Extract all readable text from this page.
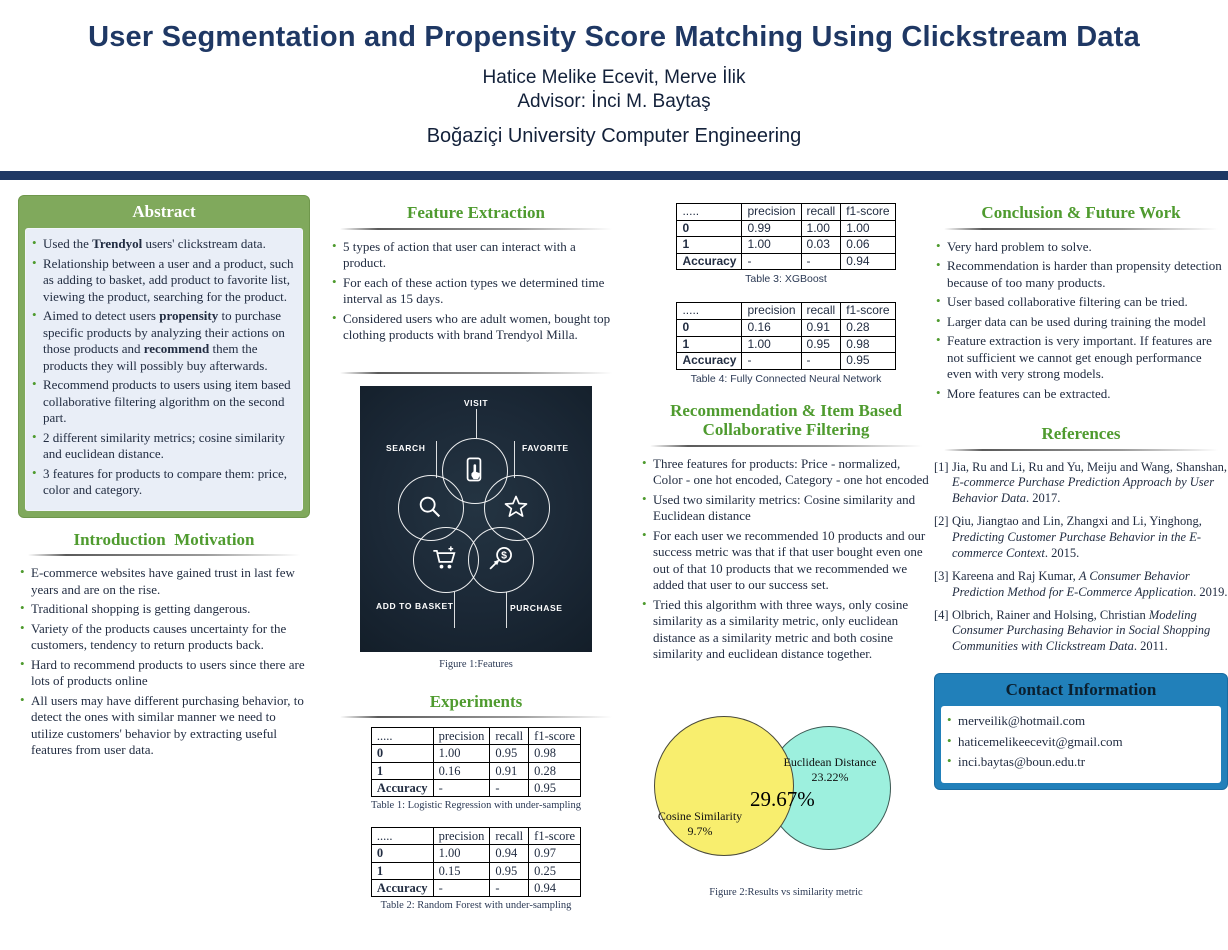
User Segmentation and Propensity Score Matching Using Clickstream Data
Hatice Melike Ecevit, Merve İlik
Advisor: İnci M. Baytaş
Boğaziçi University Computer Engineering
Abstract
• Used the Trendyol users' clickstream data.
• Relationship between a user and a product, such as adding to basket, add product to favorite list, viewing the product, searching for the product.
• Aimed to detect users propensity to purchase specific products by analyzing their actions on those products and recommend them the products they will possibly buy afterwards.
• Recommend products to users using item based collaborative filtering algorithm on the second part.
• 2 different similarity metrics; cosine similarity and euclidean distance.
• 3 features for products to compare them: price, color and category.
Introduction  Motivation
• E-commerce websites have gained trust in last few years and are on the rise.
• Traditional shopping is getting dangerous.
• Variety of the products causes uncertainty for the customers, tendency to return products back.
• Hard to recommend products to users since there are lots of products online
• All users may have different purchasing behavior, to detect the ones with similar manner we need to utilize customers' behavior by extracting useful features from user data.
Feature Extraction
• 5 types of action that user can interact with a product.
• For each of these action types we determined time interval as 15 days.
• Considered users who are adult women, bought top clothing products with brand Trendyol Milla.
VISIT
SEARCH	FAVORITE
ADD TO BASKET	PURCHASE
$
Figure 1:Features
Experiments
.....	precision	recall	f1-score
0	1.00	0.95	0.98
1	0.16	0.91	0.28
Accuracy	-	-	0.95
Table 1: Logistic Regression with under-sampling
.....	precision	recall	f1-score
0	1.00	0.94	0.97
1	0.15	0.95	0.25
Accuracy	-	-	0.94
Table 2: Random Forest with under-sampling
.....	precision	recall	f1-score
0	0.99	1.00	1.00
1	1.00	0.03	0.06
Accuracy	-	-	0.94
Table 3: XGBoost
.....	precision	recall	f1-score
0	0.16	0.91	0.28
1	1.00	0.95	0.98
Accuracy	-	-	0.95
Table 4: Fully Connected Neural Network
Recommendation & Item Based Collaborative Filtering
• Three features for products: Price - normalized, Color - one hot encoded, Category - one hot encoded
• Used two similarity metrics: Cosine similarity and Euclidean distance
• For each user we recommended 10 products and our success metric was that if that user bought even one out of that 10 products that we recommended we added that user to our success set.
• Tried this algorithm with three ways, only cosine similarity as a similarity metric, only euclidean distance as a similarity metric and both cosine similarity and euclidean distance together.
Euclidean Distance
23.22%
29.67%
Cosine Similarity
9.7%
Figure 2:Results vs similarity metric
Conclusion & Future Work
• Very hard problem to solve.
• Recommendation is harder than propensity detection because of too many products.
• User based collaborative filtering can be tried.
• Larger data can be used during training the model
• Feature extraction is very important. If features are not sufficient we cannot get enough performance even with very strong models.
• More features can be extracted.
References
[1] Jia, Ru and Li, Ru and Yu, Meiju and Wang, Shanshan, E-commerce Purchase Prediction Approach by User Behavior Data. 2017.
[2] Qiu, Jiangtao and Lin, Zhangxi and Li, Yinghong, Predicting Customer Purchase Behavior in the E-commerce Context. 2015.
[3] Kareena and Raj Kumar, A Consumer Behavior Prediction Method for E-Commerce Application. 2019.
[4] Olbrich, Rainer and Holsing, Christian Modeling Consumer Purchasing Behavior in Social Shopping Communities with Clickstream Data. 2011.
Contact Information
• merveilik@hotmail.com
• haticemelikeecevit@gmail.com
• inci.baytas@boun.edu.tr
